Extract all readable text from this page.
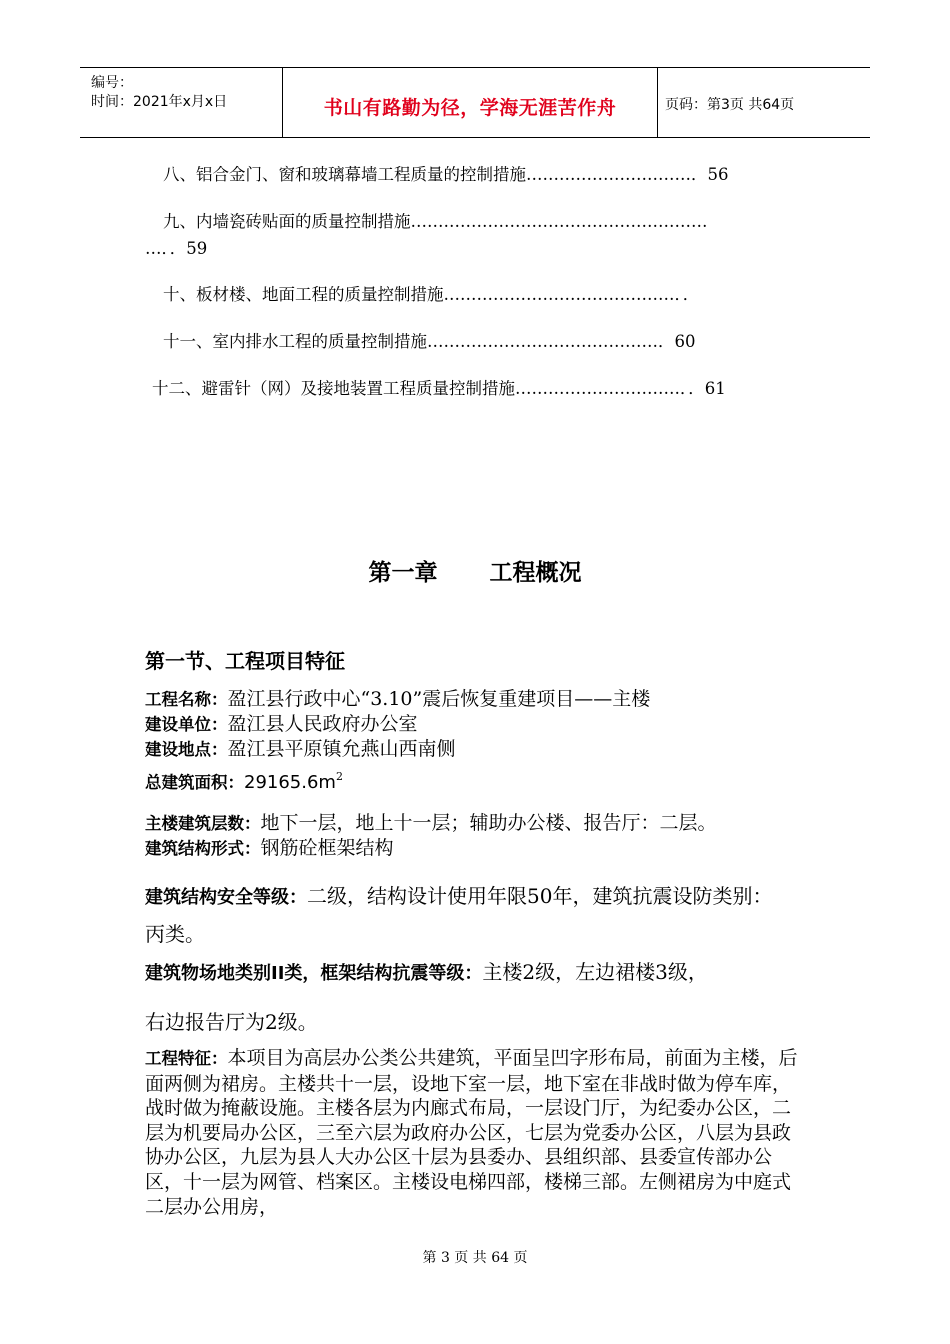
编号：
时间：2021年x月x日	书山有路勤为径，学海无涯苦作舟	页码：第3页 共64页
八、铝合金门、窗和玻璃幕墙工程质量的控制措施…………………………．56
九、内墙瓷砖贴面的质量控制措施………………………………………………
…．．59
十、板材楼、地面工程的质量控制措施……………………………………．．
十一、室内排水工程的质量控制措施……………………………………．60
十二、避雷针（网）及接地装置工程质量控制措施…………………………．．61
第一章 工程概况
第一节、工程项目特征
工程名称：盈江县行政中心“3.10”震后恢复重建项目——主楼
建设单位：盈江县人民政府办公室
建设地点：盈江县平原镇允燕山西南侧
总建筑面积：$29165.6m^2$
主楼建筑层数：地下一层，地上十一层；辅助办公楼、报告厅：二层。
建筑结构形式：钢筋砼框架结构
建筑结构安全等级：二级，结构设计使用年限50年，建筑抗震设防类别：
丙类。
建筑物场地类别II类，框架结构抗震等级：主楼2级，左边裙楼3级，
右边报告厅为2级。
工程特征：本项目为高层办公类公共建筑，平面呈凹字形布局，前面为主楼，后面两侧为裙房。主楼共十一层，设地下室一层，地下室在非战时做为停车库，战时做为掩蔽设施。主楼各层为内廊式布局，一层设门厅，为纪委办公区，二层为机要局办公区，三至六层为政府办公区，七层为党委办公区，八层为县政协办公区，九层为县人大办公区十层为县委办、县组织部、县委宣传部办公区，十一层为网管、档案区。主楼设电梯四部，楼梯三部。左侧裙房为中庭式二层办公用房，
第 3 页 共 64 页
